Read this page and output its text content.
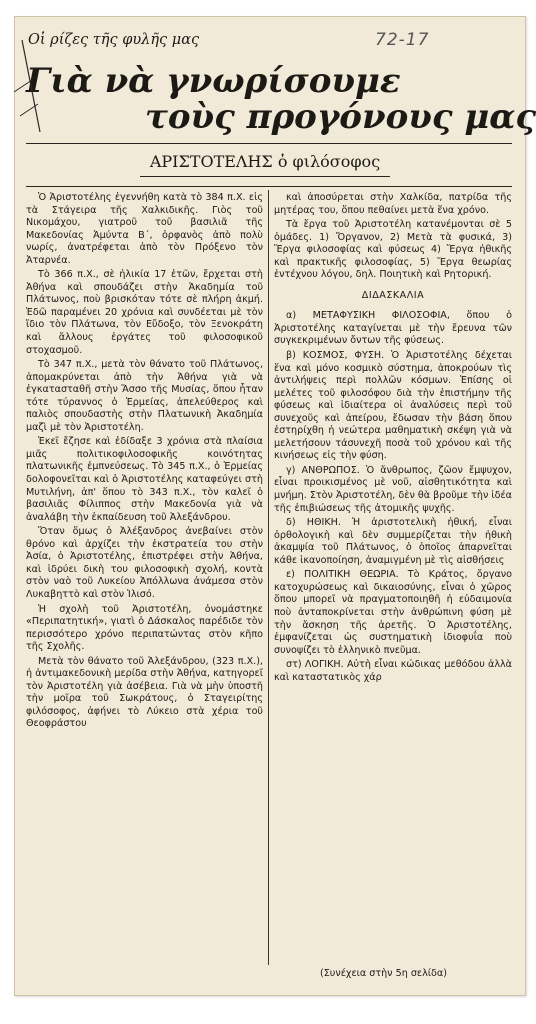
Οἱ ρίζες τῆς φυλῆς μας	72-17
Γιὰ νὰ γνωρίσουμε
τοὺς προγόνους μας
ΑΡΙΣΤΟΤΕΛΗΣ ὁ φιλόσοφος

Ὁ Ἀριστοτέλης ἐγεννήθη κατὰ τὸ 384 π.Χ. εἰς τὰ Στάγειρα τῆς Χαλκιδικῆς. Γιὸς τοῦ Νικομάχου, γιατροῦ τοῦ βασιλιᾶ τῆς Μακεδονίας Ἀμύντα Β΄, ὀρφανὸς ἀπὸ πολὺ νωρίς, ἀνατρέφεται ἀπὸ τὸν Πρόξενο τὸν Ἀταρνέα.

Τὸ 366 π.Χ., σὲ ἡλικία 17 ἐτῶν, ἔρχεται στὴ Ἀθήνα καὶ σπουδάζει στὴν Ἀκαδημία τοῦ Πλάτωνος, ποὺ βρισκόταν τότε σὲ πλήρη ἀκμή. Ἐδῶ παραμένει 20 χρόνια καὶ συνδέεται μὲ τὸν ἴδιο τὸν Πλάτωνα, τὸν Εὔδοξο, τὸν Ξενοκράτη καὶ ἄλλους ἐργάτες τοῦ φιλοσοφικοῦ στοχασμοῦ.

Τὸ 347 π.Χ., μετὰ τὸν θάνατο τοῦ Πλάτωνος, ἀπομακρύνεται ἀπὸ τὴν Ἀθήνα γιὰ νὰ ἐγκατασταθῆ στὴν Ἄσσο τῆς Μυσίας, ὅπου ἦταν τότε τύραννος ὁ Ἑρμείας, ἀπελεύθερος καὶ παλιὸς σπουδαστὴς στὴν Πλατωνικὴ Ἀκαδημία μαζὶ μὲ τὸν Ἀριστοτέλη.

Ἐκεῖ ἔζησε καὶ ἐδίδαξε 3 χρόνια στὰ πλαίσια μιᾶς πολιτικοφιλοσοφικῆς κοινότητας πλατωνικῆς ἐμπνεύσεως. Τὸ 345 π.Χ., ὁ Ἑρμείας δολοφονεῖται καὶ ὁ Ἀριστοτέλης καταφεύγει στὴ Μυτιλήνη, ἀπ' ὅπου τὸ 343 π.Χ., τὸν καλεῖ ὁ βασιλιᾶς Φίλιππος στὴν Μακεδονία γιὰ νὰ ἀναλάβη τὴν ἐκπαίδευση τοῦ Ἀλεξάνδρου.

Ὅταν ὅμως ὁ Ἀλέξανδρος ἀνεβαίνει στὸν θρόνο καὶ ἀρχίζει τὴν ἐκστρατεία του στὴν Ἀσία, ὁ Ἀριστοτέλης, ἐπιστρέφει στὴν Ἀθήνα, καὶ ἱδρύει δικὴ του φιλοσοφικὴ σχολή, κοντὰ στὸν ναὸ τοῦ Λυκείου Ἀπόλλωνα ἀνάμεσα στὸν Λυκαβηττὸ καὶ στὸν Ἰλισό.

Ἡ σχολὴ τοῦ Ἀριστοτέλη, ὀνομάστηκε «Περιπατητική», γιατὶ ὁ Δάσκαλος παρέδιδε τὸν περισσότερο χρόνο περιπατώντας στὸν κῆπο τῆς Σχολῆς.

Μετὰ τὸν θάνατο τοῦ Ἀλεξάνδρου, (323 π.Χ.), ἡ ἀντιμακεδονικὴ μερίδα στὴν Ἀθήνα, κατηγορεῖ τὸν Ἀριστοτέλη γιὰ ἀσέβεια. Γιὰ νὰ μὴν ὑποστῆ τὴν μοῖρα τοῦ Σωκράτους, ὁ Σταγειρίτης φιλόσοφος, ἀφήνει τὸ Λύκειο στὰ χέρια τοῦ Θεοφράστου

καὶ ἀποσύρεται στὴν Χαλκίδα, πατρίδα τῆς μητέρας του, ὅπου πεθαίνει μετὰ ἕνα χρόνο.

Τὰ ἔργα τοῦ Ἀριστοτέλη κατανέμονται σὲ 5 ὁμάδες. 1) Ὄργανον, 2) Μετὰ τὰ φυσικά, 3) Ἔργα φιλοσοφίας καὶ φύσεως 4) Ἔργα ἠθικῆς καὶ πρακτικῆς φιλοσοφίας, 5) Ἔργα θεωρίας ἐντέχνου λόγου, δηλ. Ποιητικὴ καὶ Ρητορική.

ΔΙΔΑΣΚΑΛΙΑ

α) ΜΕΤΑΦΥΣΙΚΗ ΦΙΛΟΣΟΦΙΑ, ὅπου ὁ Ἀριστοτέλης καταγίνεται μὲ τὴν ἔρευνα τῶν συγκεκριμένων ὄντων τῆς φύσεως.

β) ΚΟΣΜΟΣ, ΦΥΣΗ. Ὁ Ἀριστοτέλης δέχεται ἕνα καὶ μόνο κοσμικὸ σύστημα, ἀποκρούων τὶς ἀντιλήψεις περὶ πολλῶν κόσμων. Ἐπίσης οἱ μελέτες τοῦ φιλοσόφου διὰ τὴν ἐπιστήμην τῆς φύσεως καὶ ἰδιαίτερα οἱ ἀναλύσεις περὶ τοῦ συνεχοῦς καὶ ἀπείρου, ἔδωσαν τὴν βάση ὅπου ἐστηρίχθη ἡ νεώτερα μαθηματικὴ σκέψη γιὰ νὰ μελετήσουν τάσυνεχῆ ποσὰ τοῦ χρόνου καὶ τῆς κινήσεως εἰς τὴν φύση.

γ) ΑΝΘΡΩΠΟΣ. Ὁ ἄνθρωπος, ζῶον ἔμψυχον, εἶναι προικισμένος μὲ νοῦ, αἰσθητικότητα καὶ μνήμη. Στὸν Ἀριστοτέλη, δὲν θὰ βροῦμε τὴν ἰδέα τῆς ἐπιβιώσεως τῆς ἀτομικῆς ψυχῆς.

δ) ΗΘΙΚΗ. Ἡ ἀριστοτελικὴ ἠθική, εἶναι ὀρθολογικὴ καὶ δὲν συμμερίζεται τὴν ἠθικὴ ἀκαμψία τοῦ Πλάτωνος, ὁ ὁποῖος ἀπαρνεῖται κάθε ἱκανοποίηση, ἀναμιγμένη μὲ τὶς αἰσθήσεις

ε) ΠΟΛΙΤΙΚΗ ΘΕΩΡΙΑ. Τὸ Κράτος, ὄργανο κατοχυρώσεως καὶ δικαιοσύνης, εἶναι ὁ χῶρος ὅπου μπορεῖ νὰ πραγματοποιηθῆ ἡ εὐδαιμονία ποὺ ἀνταποκρίνεται στὴν ἀνθρώπινη φύση μὲ τὴν ἄσκηση τῆς ἀρετῆς. Ὁ Ἀριστοτέλης, ἐμφανίζεται ὡς συστηματικὴ ἰδιοφυΐα ποὺ συνοψίζει τὸ ἑλληνικὸ πνεῦμα.

στ) ΛΟΓΙΚΗ. Αὐτὴ εἶναι κώδικας μεθόδου ἀλλὰ καὶ καταστατικὸς χάρ

(Συνέχεια στὴν 5η σελίδα)
